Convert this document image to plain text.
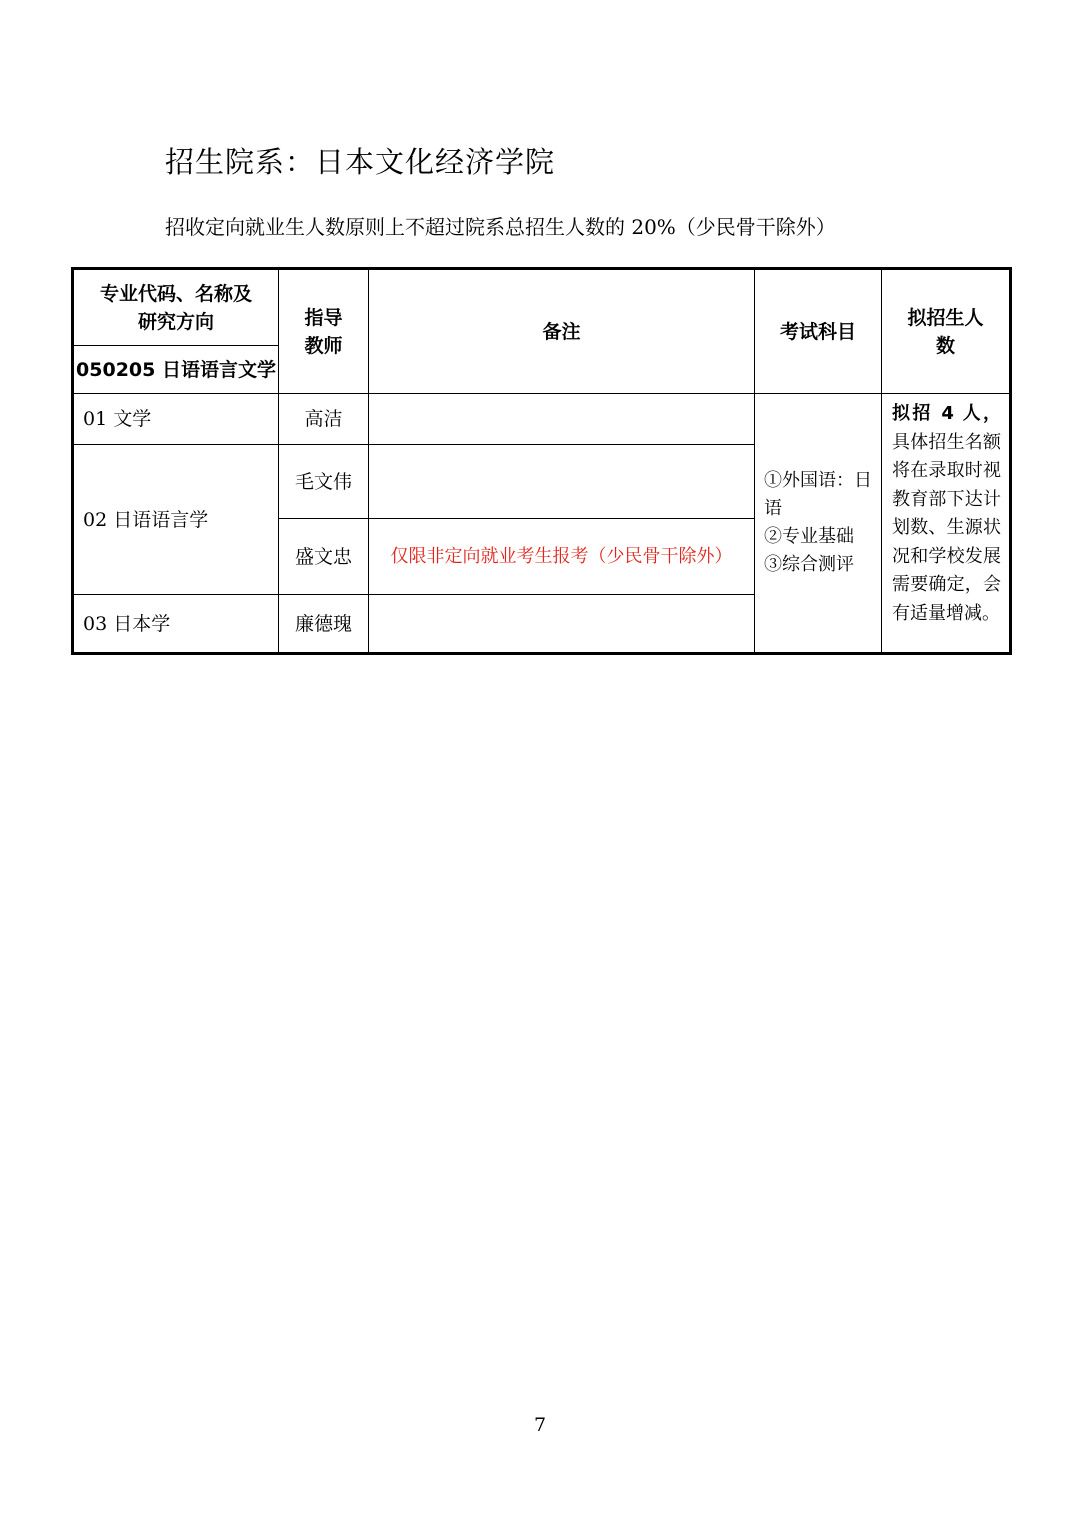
招生院系：日本文化经济学院
招收定向就业生人数原则上不超过院系总招生人数的 20%（少民骨干除外）
专业代码、名称及研究方向	指导教师	备注	考试科目	拟招生人数

050205 日语语言文学				
01 文学	高洁		①外国语：日语
②专业基础
③综合测评	拟招 4 人，具体招生名额将在录取时视教育部下达计划数、生源状况和学校发展需要确定，会有适量增减。
02 日语语言学	毛文伟			
	盛文忠	仅限非定向就业考生报考（少民骨干除外）		
03 日本学	廉德瑰			
7
